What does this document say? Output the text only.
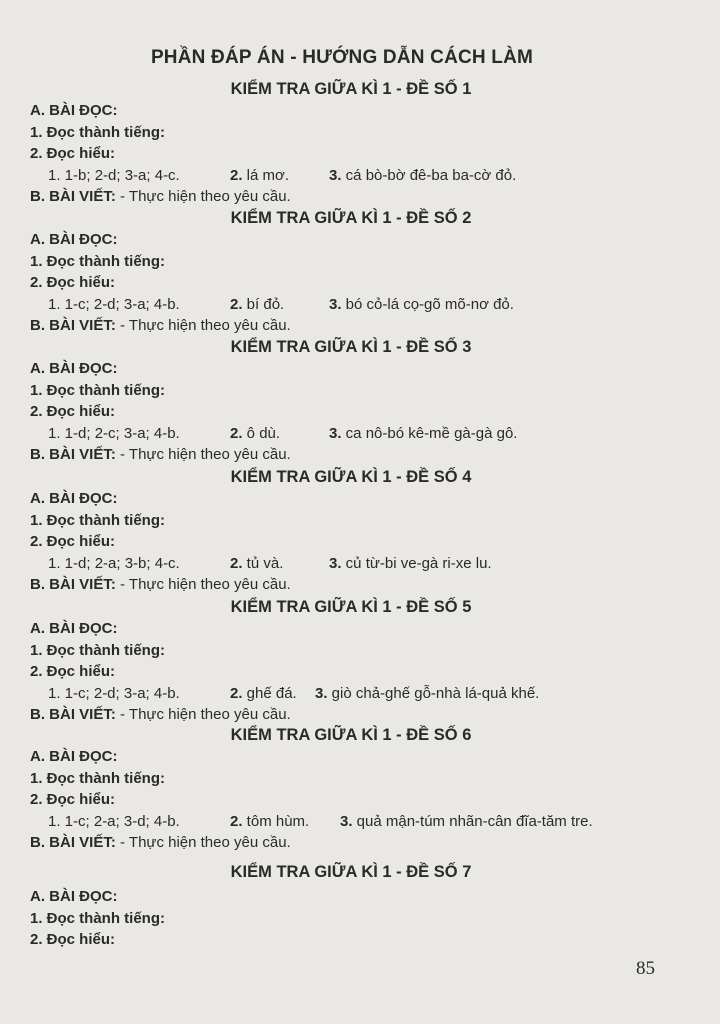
PHẦN ĐÁP ÁN - HƯỚNG DẪN CÁCH LÀM
KIỂM TRA GIỮA KÌ 1 - ĐỀ SỐ 1
A. BÀI ĐỌC:
1. Đọc thành tiếng:
2. Đọc hiểu:
1. 1-b; 2-d; 3-a; 4-c.	2. lá mơ.	3. cá bò-bờ đê-ba ba-cờ đỏ.
B. BÀI VIẾT: - Thực hiện theo yêu cầu.
KIỂM TRA GIỮA KÌ 1 - ĐỀ SỐ 2
A. BÀI ĐỌC:
1. Đọc thành tiếng:
2. Đọc hiểu:
1. 1-c; 2-d; 3-a; 4-b.	2. bí đỏ.	3. bó cỏ-lá cọ-gõ mõ-nơ đỏ.
B. BÀI VIẾT: - Thực hiện theo yêu cầu.
KIỂM TRA GIỮA KÌ 1 - ĐỀ SỐ 3
A. BÀI ĐỌC:
1. Đọc thành tiếng:
2. Đọc hiểu:
1. 1-d; 2-c; 3-a; 4-b.	2. ô dù.	3. ca nô-bó kê-mề gà-gà gô.
B. BÀI VIẾT: - Thực hiện theo yêu cầu.
KIỂM TRA GIỮA KÌ 1 - ĐỀ SỐ 4
A. BÀI ĐỌC:
1. Đọc thành tiếng:
2. Đọc hiểu:
1. 1-d; 2-a; 3-b; 4-c.	2. tủ và.	3. củ từ-bi ve-gà ri-xe lu.
B. BÀI VIẾT: - Thực hiện theo yêu cầu.
KIỂM TRA GIỮA KÌ 1 - ĐỀ SỐ 5
A. BÀI ĐỌC:
1. Đọc thành tiếng:
2. Đọc hiểu:
1. 1-c; 2-d; 3-a; 4-b.	2. ghế đá. 3. giò chả-ghế gỗ-nhà lá-quả khế.
B. BÀI VIẾT: - Thực hiện theo yêu cầu.
KIỂM TRA GIỮA KÌ 1 - ĐỀ SỐ 6
A. BÀI ĐỌC:
1. Đọc thành tiếng:
2. Đọc hiểu:
1. 1-c; 2-a; 3-d; 4-b.	2. tôm hùm. 3. quả mận-túm nhãn-cân đĩa-tăm tre.
B. BÀI VIẾT: - Thực hiện theo yêu cầu.
KIỂM TRA GIỮA KÌ 1 - ĐỀ SỐ 7
A. BÀI ĐỌC:
1. Đọc thành tiếng:
2. Đọc hiểu:
85
